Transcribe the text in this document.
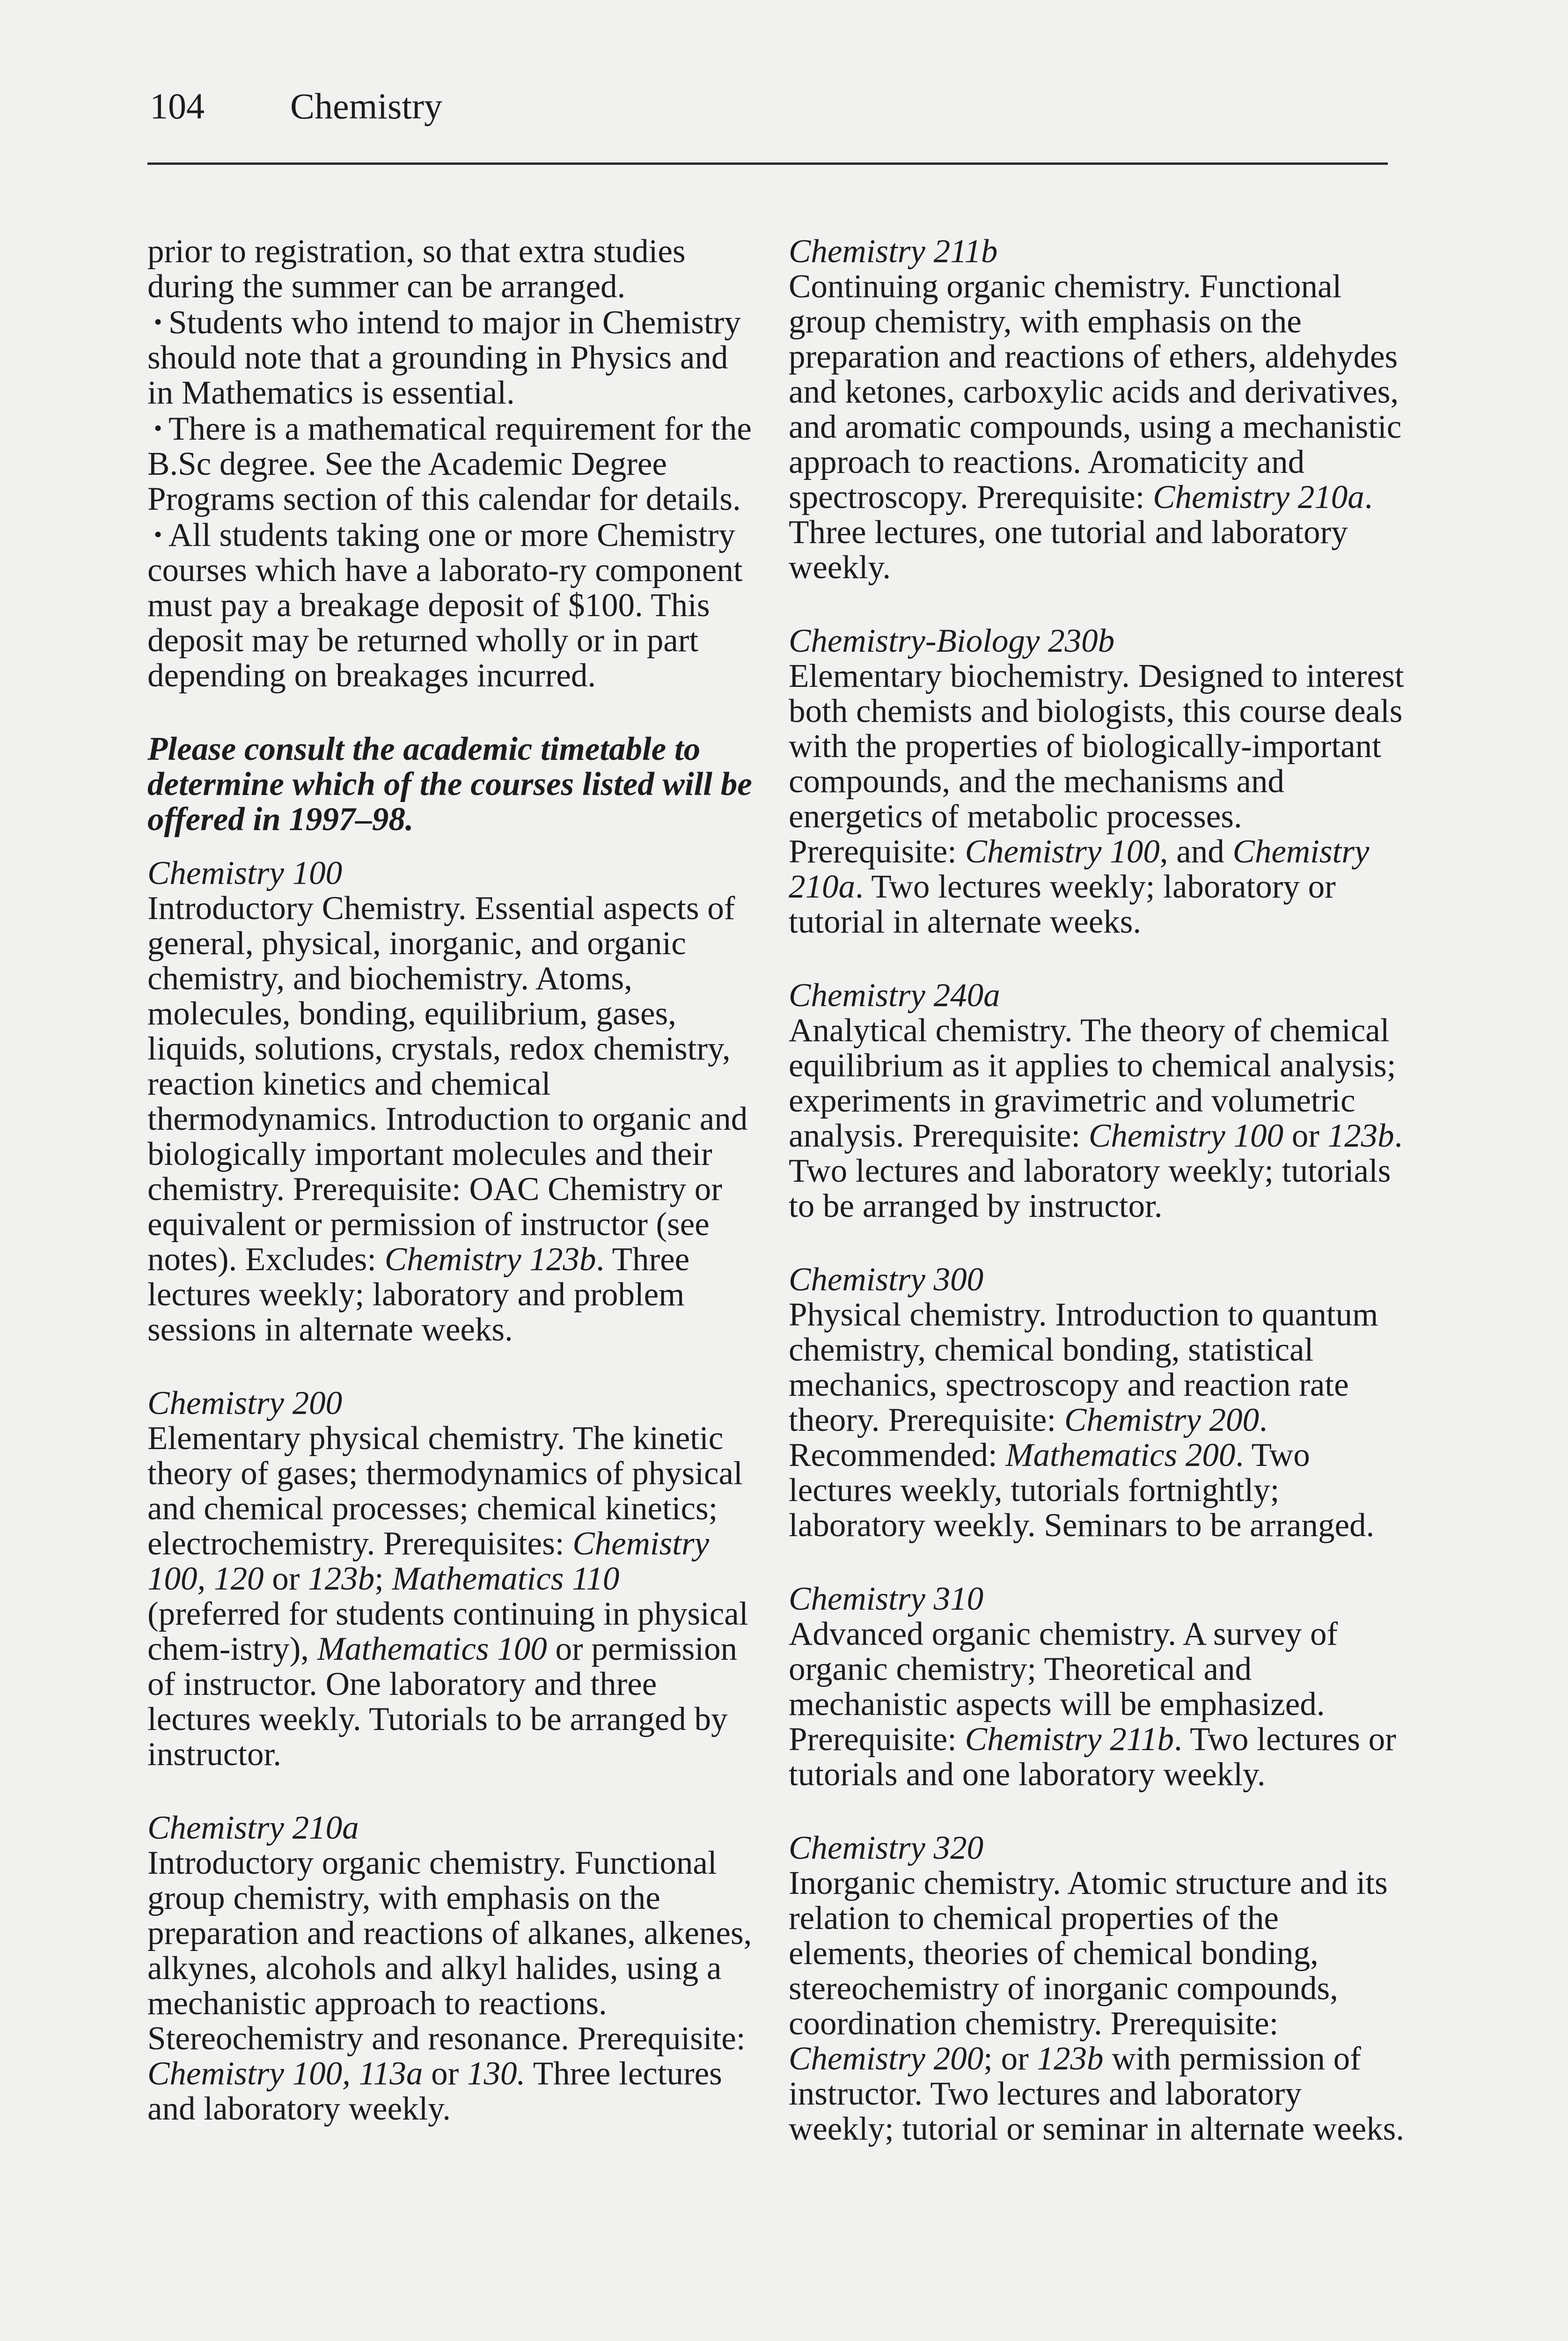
104 Chemistry

prior to registration, so that extra studies during the summer can be arranged.

• Students who intend to major in Chemistry should note that a grounding in Physics and in Mathematics is essential.

• There is a mathematical requirement for the B.Sc degree. See the Academic Degree Programs section of this calendar for details.

• All students taking one or more Chemistry courses which have a laborato-ry component must pay a breakage deposit of $100. This deposit may be returned wholly or in part depending on breakages incurred.

Please consult the academic timetable to determine which of the courses listed will be offered in 1997–98.

Chemistry 100

Introductory Chemistry. Essential aspects of general, physical, inorganic, and organic chemistry, and biochemistry. Atoms, molecules, bonding, equilibrium, gases, liquids, solutions, crystals, redox chemistry, reaction kinetics and chemical thermodynamics. Introduction to organic and biologically important molecules and their chemistry. Prerequisite: OAC Chemistry or equivalent or permission of instructor (see notes). Excludes: Chemistry 123b. Three lectures weekly; laboratory and problem sessions in alternate weeks.

Chemistry 200

Elementary physical chemistry. The kinetic theory of gases; thermodynamics of physical and chemical processes; chemical kinetics; electrochemistry. Prerequisites: Chemistry 100, 120 or 123b; Mathematics 110 (preferred for students continuing in physical chem-istry), Mathematics 100 or permission of instructor. One laboratory and three lectures weekly. Tutorials to be arranged by instructor.

Chemistry 210a

Introductory organic chemistry. Functional group chemistry, with emphasis on the preparation and reactions of alkanes, alkenes, alkynes, alcohols and alkyl halides, using a mechanistic approach to reactions. Stereochemistry and resonance. Prerequisite: Chemistry 100, 113a or 130. Three lectures and laboratory weekly.

Chemistry 211b

Continuing organic chemistry. Functional group chemistry, with emphasis on the preparation and reactions of ethers, aldehydes and ketones, carboxylic acids and derivatives, and aromatic compounds, using a mechanistic approach to reactions. Aromaticity and spectroscopy. Prerequisite: Chemistry 210a. Three lectures, one tutorial and laboratory weekly.

Chemistry-Biology 230b

Elementary biochemistry. Designed to interest both chemists and biologists, this course deals with the properties of biologically-important compounds, and the mechanisms and energetics of metabolic processes. Prerequisite: Chemistry 100, and Chemistry 210a. Two lectures weekly; laboratory or tutorial in alternate weeks.

Chemistry 240a

Analytical chemistry. The theory of chemical equilibrium as it applies to chemical analysis; experiments in gravimetric and volumetric analysis. Prerequisite: Chemistry 100 or 123b. Two lectures and laboratory weekly; tutorials to be arranged by instructor.

Chemistry 300

Physical chemistry. Introduction to quantum chemistry, chemical bonding, statistical mechanics, spectroscopy and reaction rate theory. Prerequisite: Chemistry 200. Recommended: Mathematics 200. Two lectures weekly, tutorials fortnightly; laboratory weekly. Seminars to be arranged.

Chemistry 310

Advanced organic chemistry. A survey of organic chemistry; Theoretical and mechanistic aspects will be emphasized. Prerequisite: Chemistry 211b. Two lectures or tutorials and one laboratory weekly.

Chemistry 320

Inorganic chemistry. Atomic structure and its relation to chemical properties of the elements, theories of chemical bonding, stereochemistry of inorganic compounds, coordination chemistry. Prerequisite: Chemistry 200; or 123b with permission of instructor. Two lectures and laboratory weekly; tutorial or seminar in alternate weeks.
